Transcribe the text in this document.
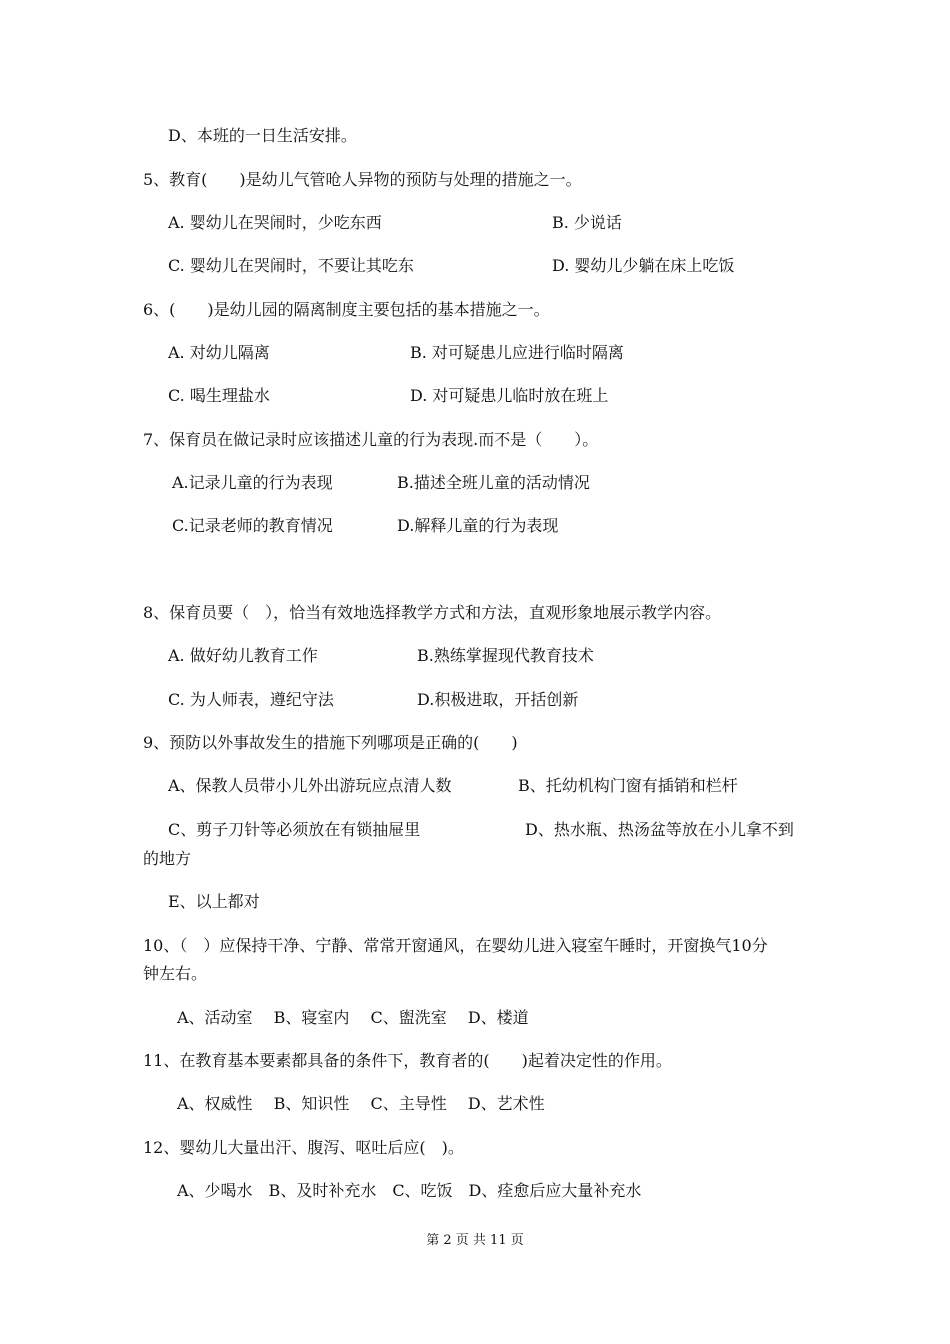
D、本班的一日生活安排。
5、教育(　　)是幼儿气管呛人异物的预防与处理的措施之一。
A. 婴幼儿在哭闹时，少吃东西	B. 少说话
C. 婴幼儿在哭闹时，不要让其吃东	D. 婴幼儿少躺在床上吃饭
6、(　　)是幼儿园的隔离制度主要包括的基本措施之一。
A. 对幼儿隔离	B. 对可疑患儿应进行临时隔离
C. 喝生理盐水	D. 对可疑患儿临时放在班上
7、保育员在做记录时应该描述儿童的行为表现.而不是（　　）。
A.记录儿童的行为表现	B.描述全班儿童的活动情况
C.记录老师的教育情况	D.解释儿童的行为表现
8、保育员要（　），恰当有效地选择教学方式和方法，直观形象地展示教学内容。
A. 做好幼儿教育工作	B.熟练掌握现代教育技术
C. 为人师表，遵纪守法	D.积极进取，开括创新
9、预防以外事故发生的措施下列哪项是正确的(　　)
A、保教人员带小儿外出游玩应点清人数	B、托幼机构门窗有插销和栏杆
C、剪子刀针等必须放在有锁抽屉里	D、热水瓶、热汤盆等放在小儿拿不到
的地方
E、以上都对
10、（　）应保持干净、宁静、常常开窗通风，在婴幼儿进入寝室午睡时，开窗换气10分
钟左右。
A、活动室　 B、寝室内　 C、盥洗室　 D、楼道
11、在教育基本要素都具备的条件下，教育者的(　　)起着决定性的作用。
A、权威性　 B、知识性　 C、主导性　 D、艺术性
12、婴幼儿大量出汗、腹泻、呕吐后应(　)。
A、少喝水　B、及时补充水　C、吃饭　D、痊愈后应大量补充水
第 2 页 共 11 页
